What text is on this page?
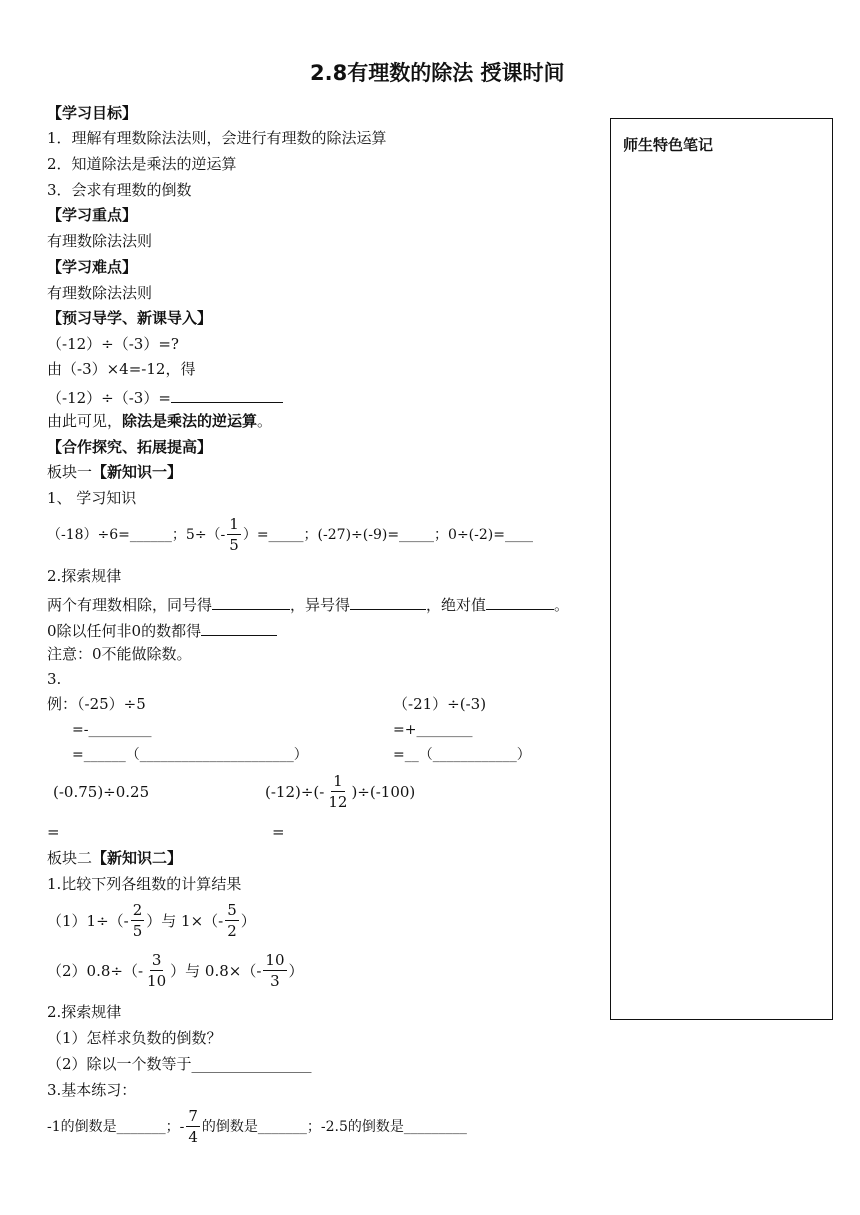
2.8有理数的除法 授课时间
师生特色笔记
【学习目标】
1．理解有理数除法法则，会进行有理数的除法运算
2．知道除法是乘法的逆运算
3．会求有理数的倒数
【学习重点】
有理数除法法则
【学习难点】
有理数除法法则
【预习导学、新课导入】
（-12）÷（-3）=?
由（-3）×4=-12，得
（-12）÷（-3）=
由此可见，除法是乘法的逆运算。
【合作探究、拓展提高】
板块一【新知识一】
1、 学习知识
（-18）÷6=______；$5\div(- \frac{1}{5}$ ）=_____；(-27)÷(-9)=_____；0÷(-2)=____
2.探索规律
两个有理数相除，同号得	，异号得	，绝对值	。
0除以任何非0的数都得
注意：0不能做除数。
3.
例：（-25）÷5
=-_________
=______（______________________）
（-21）÷(-3)
=+________
=__（____________）
(-0.75)÷0.25	$(-12)\div(- \frac{1}{12} )\div(-100)$
=	=
板块二【新知识二】
1.比较下列各组数的计算结果
$(1)1\div(- \frac{2}{5}$ ）与 $1\times(- \frac{5}{2}$ ）
$(2)0.8\div(- \frac{3}{10}$ ）与 $0.8\times(- \frac{10}{3}$ ）
2.探索规律
（1）怎样求负数的倒数？
（2）除以一个数等于________________
3.基本练习：
-1的倒数是_______；- $\frac{7}{4}$ 的倒数是_______；-2.5的倒数是_________
